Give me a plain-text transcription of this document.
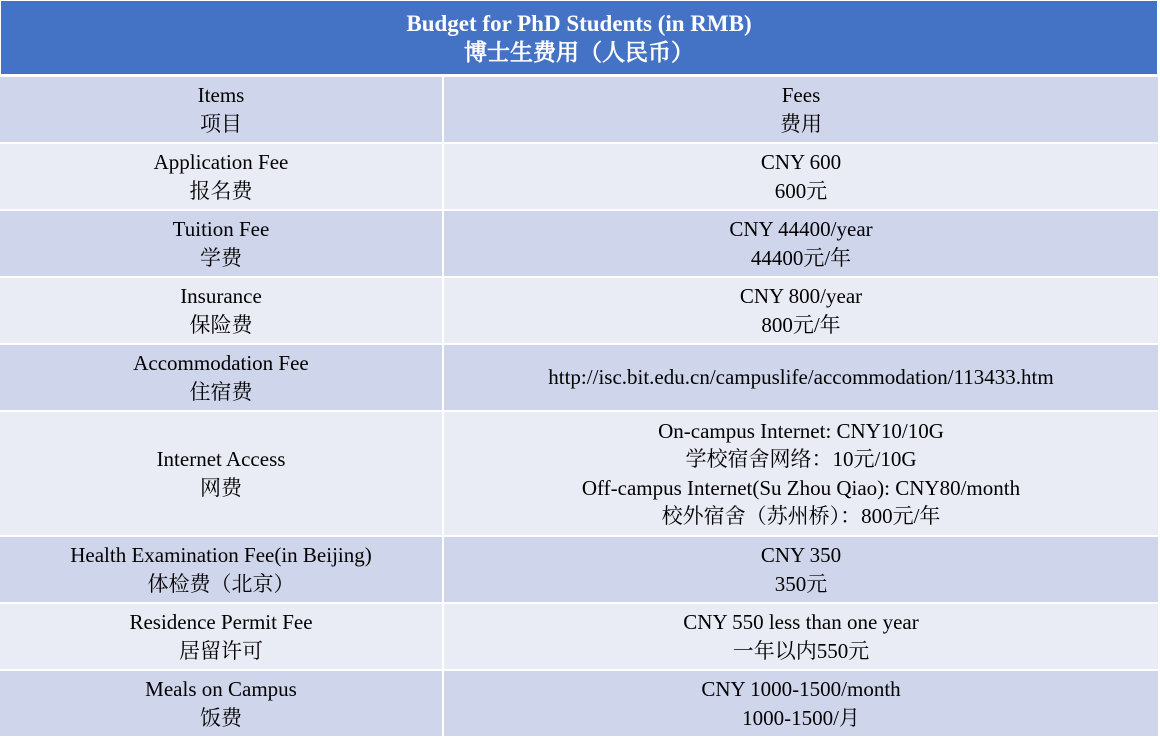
Budget for PhD Students (in RMB)
博士生费用（人民币）
Items
项目
Fees
费用
Application Fee
报名费
CNY 600
600元
Tuition Fee
学费
CNY 44400/year
44400元/年
Insurance
保险费
CNY 800/year
800元/年
Accommodation Fee
住宿费
http://isc.bit.edu.cn/campuslife/accommodation/113433.htm
Internet Access
网费
On-campus Internet: CNY10/10G
学校宿舍网络：10元/10G
Off-campus Internet(Su Zhou Qiao): CNY80/month
校外宿舍（苏州桥）：800元/年
Health Examination Fee(in Beijing)
体检费（北京）
CNY 350
350元
Residence Permit Fee
居留许可
CNY 550 less than one year
一年以内550元
Meals on Campus
饭费
CNY 1000-1500/month
1000-1500/月
